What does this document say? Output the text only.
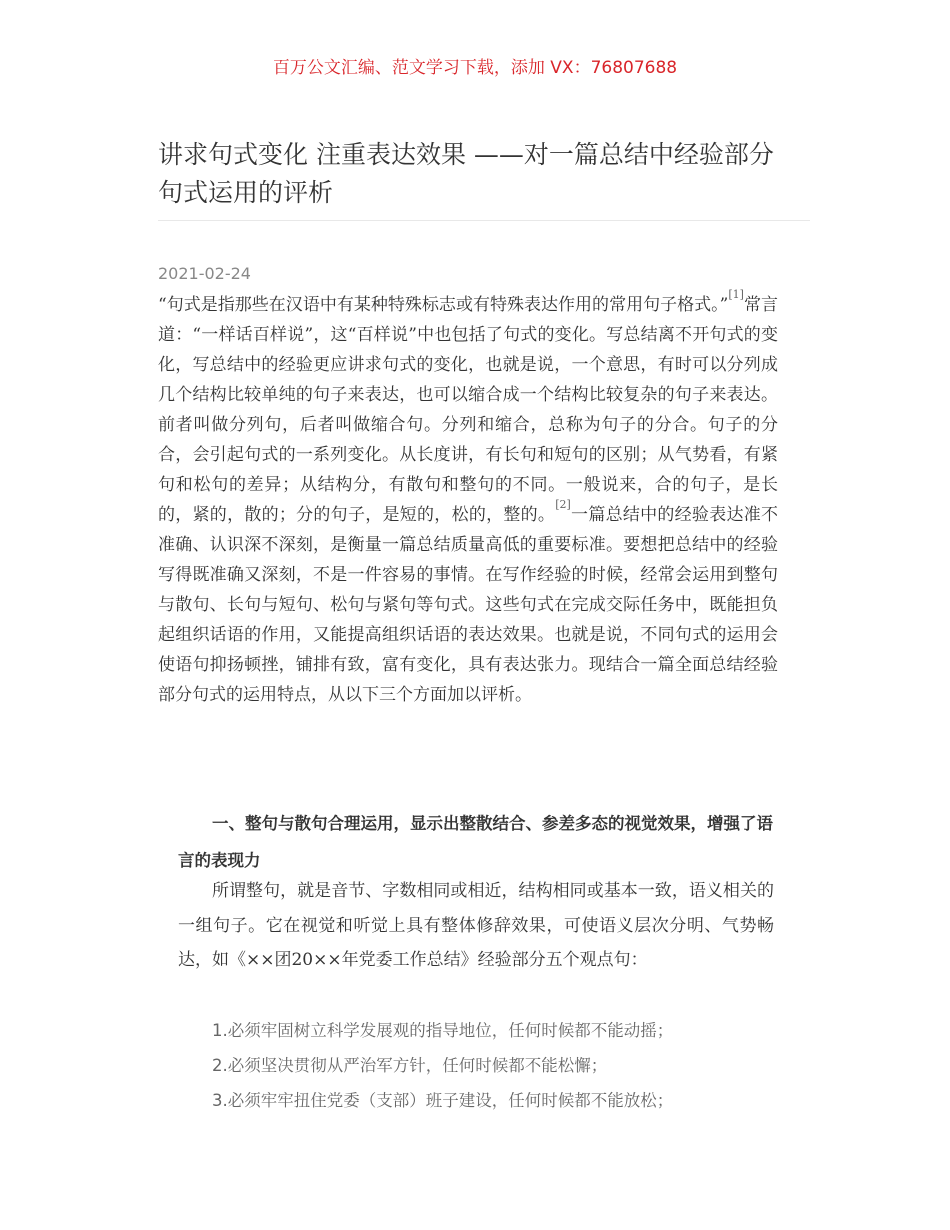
百万公文汇编、范文学习下载，添加 VX：76807688
讲求句式变化 注重表达效果 ——对一篇总结中经验部分句式运用的评析
2021-02-24

“句式是指那些在汉语中有某种特殊标志或有特殊表达作用的常用句子格式。”[1]常言道：“一样话百样说”，这“百样说”中也包括了句式的变化。写总结离不开句式的变化，写总结中的经验更应讲求句式的变化，也就是说，一个意思，有时可以分列成几个结构比较单纯的句子来表达，也可以缩合成一个结构比较复杂的句子来表达。前者叫做分列句，后者叫做缩合句。分列和缩合，总称为句子的分合。句子的分合，会引起句式的一系列变化。从长度讲，有长句和短句的区别；从气势看，有紧句和松句的差异；从结构分，有散句和整句的不同。一般说来，合的句子，是长的，紧的，散的；分的句子，是短的，松的，整的。[2]一篇总结中的经验表达准不准确、认识深不深刻，是衡量一篇总结质量高低的重要标准。要想把总结中的经验写得既准确又深刻，不是一件容易的事情。在写作经验的时候，经常会运用到整句与散句、长句与短句、松句与紧句等句式。这些句式在完成交际任务中，既能担负起组织话语的作用，又能提高组织话语的表达效果。也就是说，不同句式的运用会使语句抑扬顿挫，铺排有致，富有变化，具有表达张力。现结合一篇全面总结经验部分句式的运用特点，从以下三个方面加以评析。

一、整句与散句合理运用，显示出整散结合、参差多态的视觉效果，增强了语言的表现力

所谓整句，就是音节、字数相同或相近，结构相同或基本一致，语义相关的一组句子。它在视觉和听觉上具有整体修辞效果，可使语义层次分明、气势畅达，如《××团20××年党委工作总结》经验部分五个观点句：

1.必须牢固树立科学发展观的指导地位，任何时候都不能动摇；
2.必须坚决贯彻从严治军方针，任何时候都不能松懈；
3.必须牢牢扭住党委（支部）班子建设，任何时候都不能放松；
